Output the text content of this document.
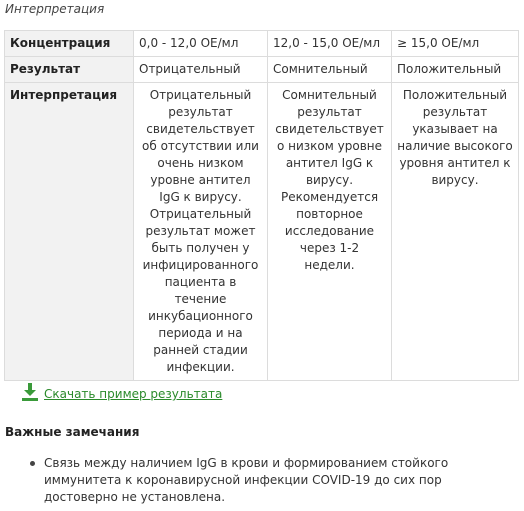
Интерпретация
Концентрация	0,0 - 12,0 ОЕ/мл	12,0 - 15,0 ОЕ/мл	≥ 15,0 ОЕ/мл
Результат	Отрицательный	Сомнительный	Положительный
Интерпретация	Отрицательный результат свидетельствует об отсутствии или очень низком уровне антител IgG к вирусу. Отрицательный результат может быть получен у инфицированного пациента в течение инкубационного периода и на ранней стадии инфекции.	Сомнительный результат свидетельствует о низком уровне антител IgG к вирусу. Рекомендуется повторное исследование через 1-2 недели.	Положительный результат указывает на наличие высокого уровня антител к вирусу.
Скачать пример результата
Важные замечания
Связь между наличием IgG в крови и формированием стойкого иммунитета к коронавирусной инфекции COVID-19 до сих пор достоверно не установлена.
